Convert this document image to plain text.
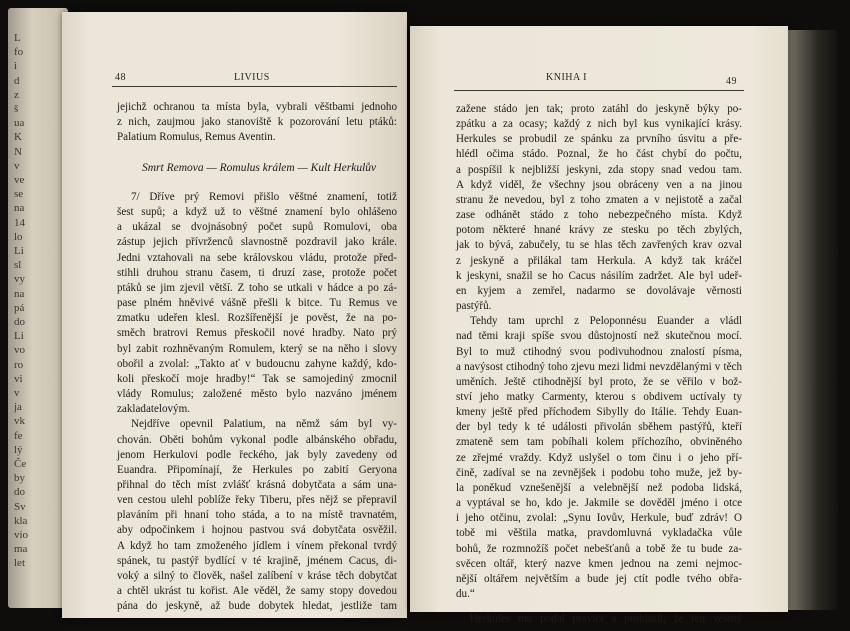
L
fo
i
d
z
š
ua
K
N
v
ve
se
na
14
lo
Li
sl
vy
na
pá
do
Li
vo
ro
vi
v
ja
vk
fe
lý
Če
by
do
Sv
kla
vio
ma
let
48	LIVIUS
jejichž ochranou ta místa byla, vybrali věštbami jednoho
z nich, zaujmou jako stanoviště k pozorování letu ptáků:
Palatium Romulus, Remus Aventin.
Smrt Remova — Romulus králem — Kult Herkulův
7/ Dříve prý Removi přišlo věštné znamení, totiž
šest supů; a když už to věštné znamení bylo ohlášeno
a ukázal se dvojnásobný počet supů Romulovi, oba
zástup jejich přívrženců slavnostně pozdravil jako krále.
Jedni vztahovali na sebe královskou vládu, protože před-
stihli druhou stranu časem, ti druzí zase, protože počet
ptáků se jim zjevil větší. Z toho se utkali v hádce a po zá-
pase plném hněvivé vášně přešli k bitce. Tu Remus ve
zmatku udeřen klesl. Rozšířenější je pověst, že na po-
směch bratrovi Remus přeskočil nové hradby. Nato prý
byl zabit rozhněvaným Romulem, který se na něho i slovy
obořil a zvolal: „Takto ať v budoucnu zahyne každý, kdo-
koli přeskočí moje hradby!“ Tak se samojediný zmocnil
vlády Romulus; založené město bylo nazváno jménem
zakladatelovým.
Nejdříve opevnil Palatium, na němž sám byl vy-
chován. Oběti bohům vykonal podle albánského obřadu,
jenom Herkulovi podle řeckého, jak byly zavedeny od
Euandra. Připomínají, že Herkules po zabití Geryona
přihnal do těch míst zvlášť krásná dobytčata a sám una-
ven cestou ulehl poblíže řeky Tiberu, přes nějž se přepravil
plaváním při hnaní toho stáda, a to na místě travnatém,
aby odpočinkem i hojnou pastvou svá dobytčata osvěžil.
A když ho tam zmoženého jídlem i vínem překonal tvrdý
spánek, tu pastýř bydlící v té krajině, jménem Cacus, di-
voký a silný to člověk, našel zalíbení v kráse těch dobytčat
a chtěl ukrást tu kořist. Ale věděl, že samy stopy dovedou
pána do jeskyně, až bude dobytek hledat, jestliže tam
KNIHA I	49
zažene stádo jen tak; proto zatáhl do jeskyně býky po-
zpátku a za ocasy; každý z nich byl kus vynikající krásy.
Herkules se probudil ze spánku za prvního úsvitu a pře-
hlédl očima stádo. Poznal, že ho část chybí do počtu,
a pospíšil k nejbližší jeskyni, zda stopy snad vedou tam.
A když viděl, že všechny jsou obráceny ven a na jinou
stranu že nevedou, byl z toho zmaten a v nejistotě a začal
zase odhánět stádo z toho nebezpečného místa. Když
potom některé hnané krávy ze stesku po těch zbylých,
jak to bývá, zabučely, tu se hlas těch zavřených krav ozval
z jeskyně a přilákal tam Herkula. A když tak kráčel
k jeskyni, snažil se ho Cacus násilím zadržet. Ale byl udeř-
en kyjem a zemřel, nadarmo se dovolávaje věrnosti
pastýřů.
Tehdy tam uprchl z Peloponnésu Euander a vládl
nad těmi kraji spíše svou důstojností než skutečnou mocí.
Byl to muž ctihodný svou podivuhodnou znalostí písma,
a navýsost ctihodný toho zjevu mezi lidmi nevzdělanými v těch
uměních. Ještě ctihodnější byl proto, že se věřilo v bož-
ství jeho matky Carmenty, kterou s obdivem uctívaly ty
kmeny ještě před příchodem Sibylly do Itálie. Tehdy Euan-
der byl tedy k té události přivolán sběhem pastýřů, kteří
zmateně sem tam pobíhali kolem příchozího, obviněného
ze zřejmé vraždy. Když uslyšel o tom činu i o jeho pří-
čině, zadíval se na zevnějšek i podobu toho muže, jež by-
la poněkud vznešenější a velebnější než podoba lidská,
a vyptával se ho, kdo je. Jakmile se dověděl jméno i otce
i jeho otčinu, zvolal: „Synu Iovův, Herkule, buď zdráv! O
tobě mi věštila matka, pravdomluvná vykladačka vůle
bohů, že rozmnožíš počet nebešťanů a tobě že tu bude za-
svěcen oltář, který nazve kmen jednou na zemi nejmoc-
nější oltářem největším a bude jej ctít podle tvého obřa-
du.“
Herkules mu podal pravici a prohlásil, že ten věštný
